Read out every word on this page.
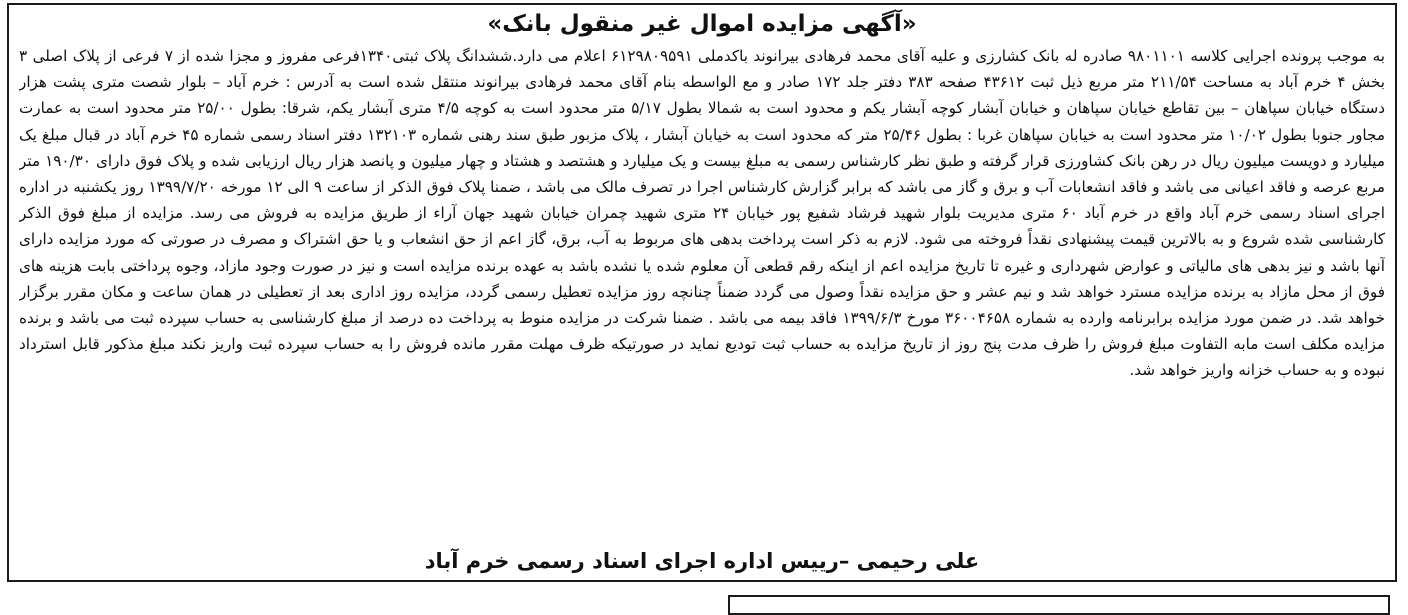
«آگهی مزایده اموال غیر منقول بانک»
به موجب پرونده اجرایی کلاسه ۹۸۰۱۱۰۱ صادره له بانک کشارزی و علیه آقای محمد فرهادی بیرانوند باکدملی ۶۱۲۹۸۰۹۵۹۱ اعلام می دارد.ششدانگ پلاک ثبتی۱۳۴۰فرعی مفروز و مجزا شده از ۷ فرعی از پلاک اصلی ۳ بخش ۴ خرم آباد به مساحت ۲۱۱/۵۴ متر مربع ذیل ثبت ۴۳۶۱۲ صفحه ۳۸۳ دفتر جلد ۱۷۲ صادر و مع الواسطه بنام آقای محمد فرهادی بیرانوند منتقل شده است به آدرس : خرم آباد – بلوار شصت متری پشت هزار دستگاه خیابان سپاهان – بین تقاطع خیابان سپاهان و خیابان آبشار کوچه آبشار یکم و محدود است به شمالا بطول ۵/۱۷ متر محدود است به کوچه ۴/۵ متری آبشار یکم، شرقا: بطول ۲۵/۰۰ متر محدود است به عمارت مجاور جنوبا بطول ۱۰/۰۲ متر محدود است به خیابان سپاهان غربا : بطول ۲۵/۴۶ متر که محدود است به خیابان آبشار ، پلاک مزبور طبق سند رهنی شماره ۱۳۲۱۰۳ دفتر اسناد رسمی شماره ۴۵ خرم آباد در قبال مبلغ یک میلیارد و دویست میلیون ریال در رهن بانک کشاورزی قرار گرفته و طبق نظر کارشناس رسمی به مبلغ بیست و یک میلیارد و هشتصد و هشتاد و چهار میلیون و پانصد هزار ریال ارزیابی شده و پلاک فوق دارای ۱۹۰/۳۰ متر مربع عرصه و فاقد اعیانی می باشد و فاقد انشعابات آب و برق و گاز می باشد که برابر گزارش کارشناس اجرا در تصرف مالک می باشد ، ضمنا پلاک فوق الذکر از ساعت ۹ الی ۱۲ مورخه ۱۳۹۹/۷/۲۰ روز یکشنبه در اداره اجرای اسناد رسمی خرم آباد واقع در خرم آباد ۶۰ متری مدیریت بلوار شهید فرشاد شفیع پور خیابان ۲۴ متری شهید چمران خیابان شهید جهان آراء از طریق مزایده به فروش می رسد. مزایده از مبلغ فوق الذکر کارشناسی شده شروع و به بالاترین قیمت پیشنهادی نقداً فروخته می شود. لازم به ذکر است پرداخت بدهی های مربوط به آب، برق، گاز اعم از حق انشعاب و یا حق اشتراک و مصرف در صورتی که مورد مزایده دارای آنها باشد و نیز بدهی های مالیاتی و عوارض شهرداری و غیره تا تاریخ مزایده اعم از اینکه رقم قطعی آن معلوم شده یا نشده باشد به عهده برنده مزایده است و نیز در صورت وجود مازاد، وجوه پرداختی بابت هزینه های فوق از محل مازاد به برنده مزایده مسترد خواهد شد و نیم عشر و حق مزایده نقداً وصول می گردد ضمناً چنانچه روز مزایده تعطیل رسمی گردد، مزایده روز اداری بعد از تعطیلی در همان ساعت و مکان مقرر برگزار خواهد شد. در ضمن مورد مزایده برابرنامه وارده به شماره ۳۶۰۰۴۶۵۸ مورخ ۱۳۹۹/۶/۳ فاقد بیمه می باشد . ضمنا شرکت در مزایده منوط به پرداخت ده درصد از مبلغ کارشناسی به حساب سپرده ثبت می باشد و برنده مزایده مکلف است مابه التفاوت مبلغ فروش را ظرف مدت پنج روز از تاریخ مزایده به حساب ثبت تودیع نماید در صورتیکه ظرف مهلت مقرر مانده فروش را به حساب سپرده ثبت واریز نکند مبلغ مذکور قابل استرداد نبوده و به حساب خزانه واریز خواهد شد.
علی رحیمی –رییس اداره اجرای اسناد رسمی خرم آباد
